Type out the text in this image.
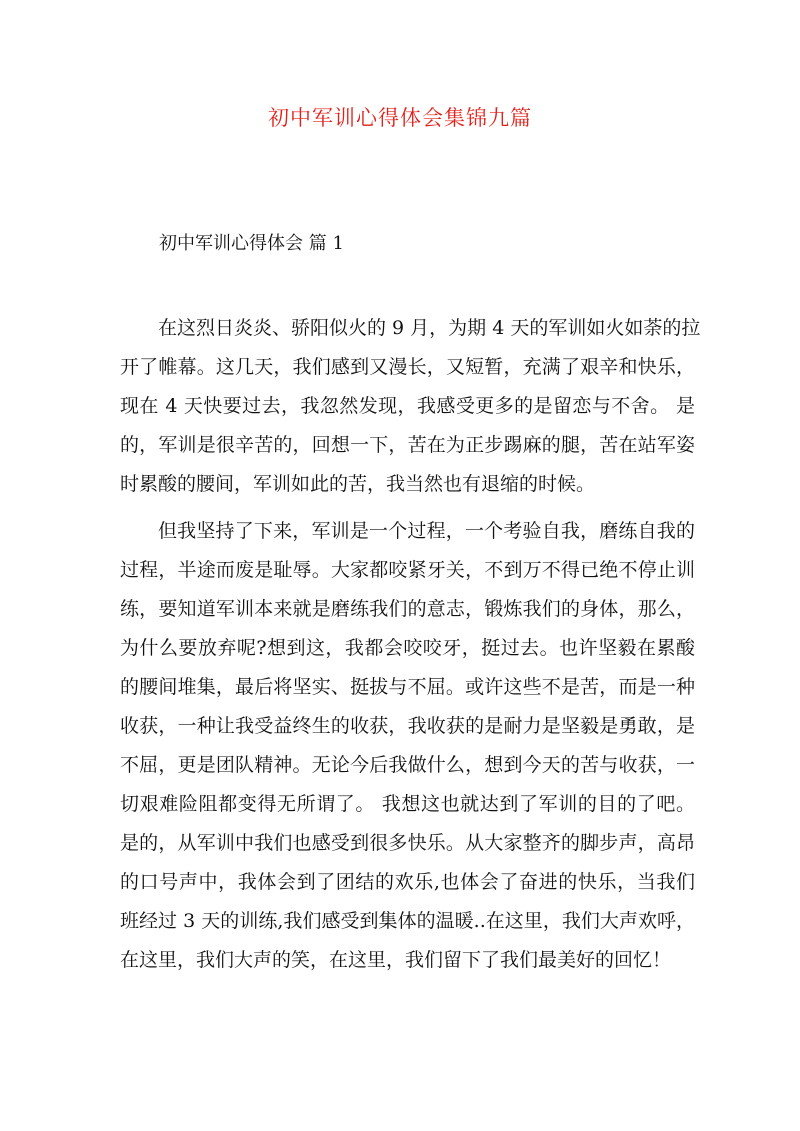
初中军训心得体会集锦九篇
初中军训心得体会 篇 1
在这烈日炎炎、骄阳似火的 9 月，为期 4 天的军训如火如荼的拉
开了帷幕。这几天，我们感到又漫长，又短暂，充满了艰辛和快乐，
现在 4 天快要过去，我忽然发现，我感受更多的是留恋与不舍。 是
的，军训是很辛苦的，回想一下，苦在为正步踢麻的腿，苦在站军姿
时累酸的腰间，军训如此的苦，我当然也有退缩的时候。
但我坚持了下来，军训是一个过程，一个考验自我，磨练自我的
过程，半途而废是耻辱。大家都咬紧牙关，不到万不得已绝不停止训
练，要知道军训本来就是磨练我们的意志，锻炼我们的身体，那么，
为什么要放弃呢?想到这，我都会咬咬牙，挺过去。也许坚毅在累酸
的腰间堆集，最后将坚实、挺拔与不屈。或许这些不是苦，而是一种
收获，一种让我受益终生的收获，我收获的是耐力是坚毅是勇敢，是
不屈，更是团队精神。无论今后我做什么，想到今天的苦与收获，一
切艰难险阻都变得无所谓了。 我想这也就达到了军训的目的了吧。
是的，从军训中我们也感受到很多快乐。从大家整齐的脚步声，高昂
的口号声中，我体会到了团结的欢乐,也体会了奋进的快乐，当我们
班经过 3 天的训练,我们感受到集体的温暖..在这里，我们大声欢呼，
在这里，我们大声的笑，在这里，我们留下了我们最美好的回忆！
